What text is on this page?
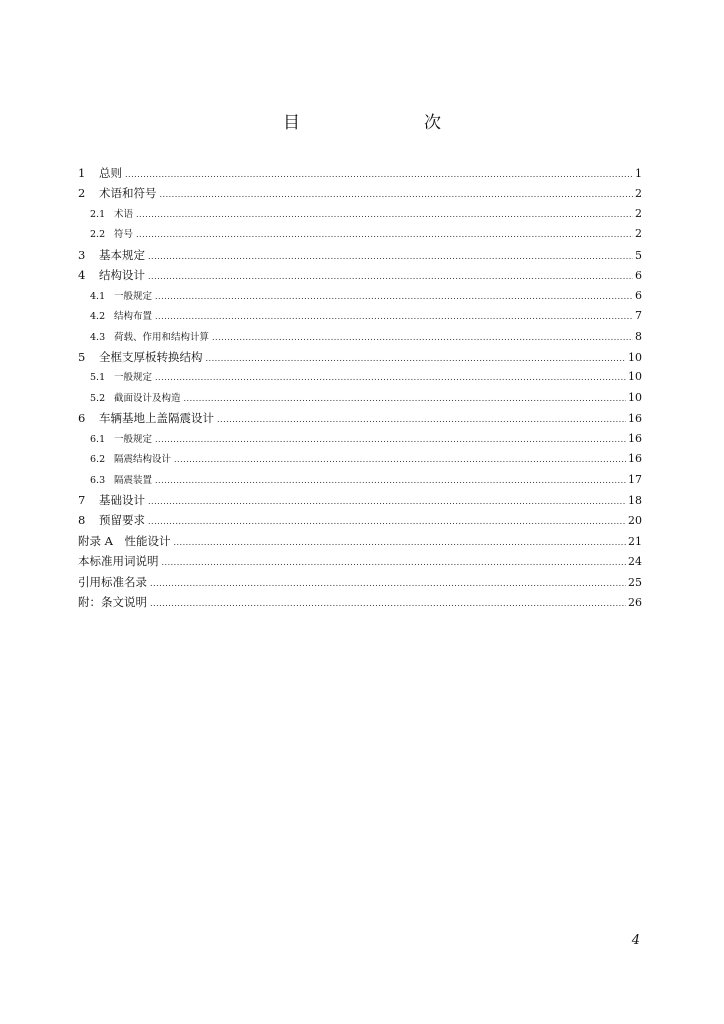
目　　次
1	总则 .....	1
2	术语和符号 .....	2
2.1 术语 .....	2
2.2 符号 .....	2
3	基本规定 .....	5
4	结构设计 .....	6
4.1 一般规定 .....	6
4.2 结构布置 .....	7
4.3 荷载、作用和结构计算 .....	8
5	全框支厚板转换结构 .....	10
5.1 一般规定 .....	10
5.2 截面设计及构造 .....	10
6	车辆基地上盖隔震设计 .....	16
6.1 一般规定 .....	16
6.2 隔震结构设计 .....	16
6.3 隔震装置 .....	17
7	基础设计 .....	18
8	预留要求 .....	20
附录 A　性能设计 .....	21
本标准用词说明 .....	24
引用标准名录 .....	25
附：条文说明 .....	26
4
